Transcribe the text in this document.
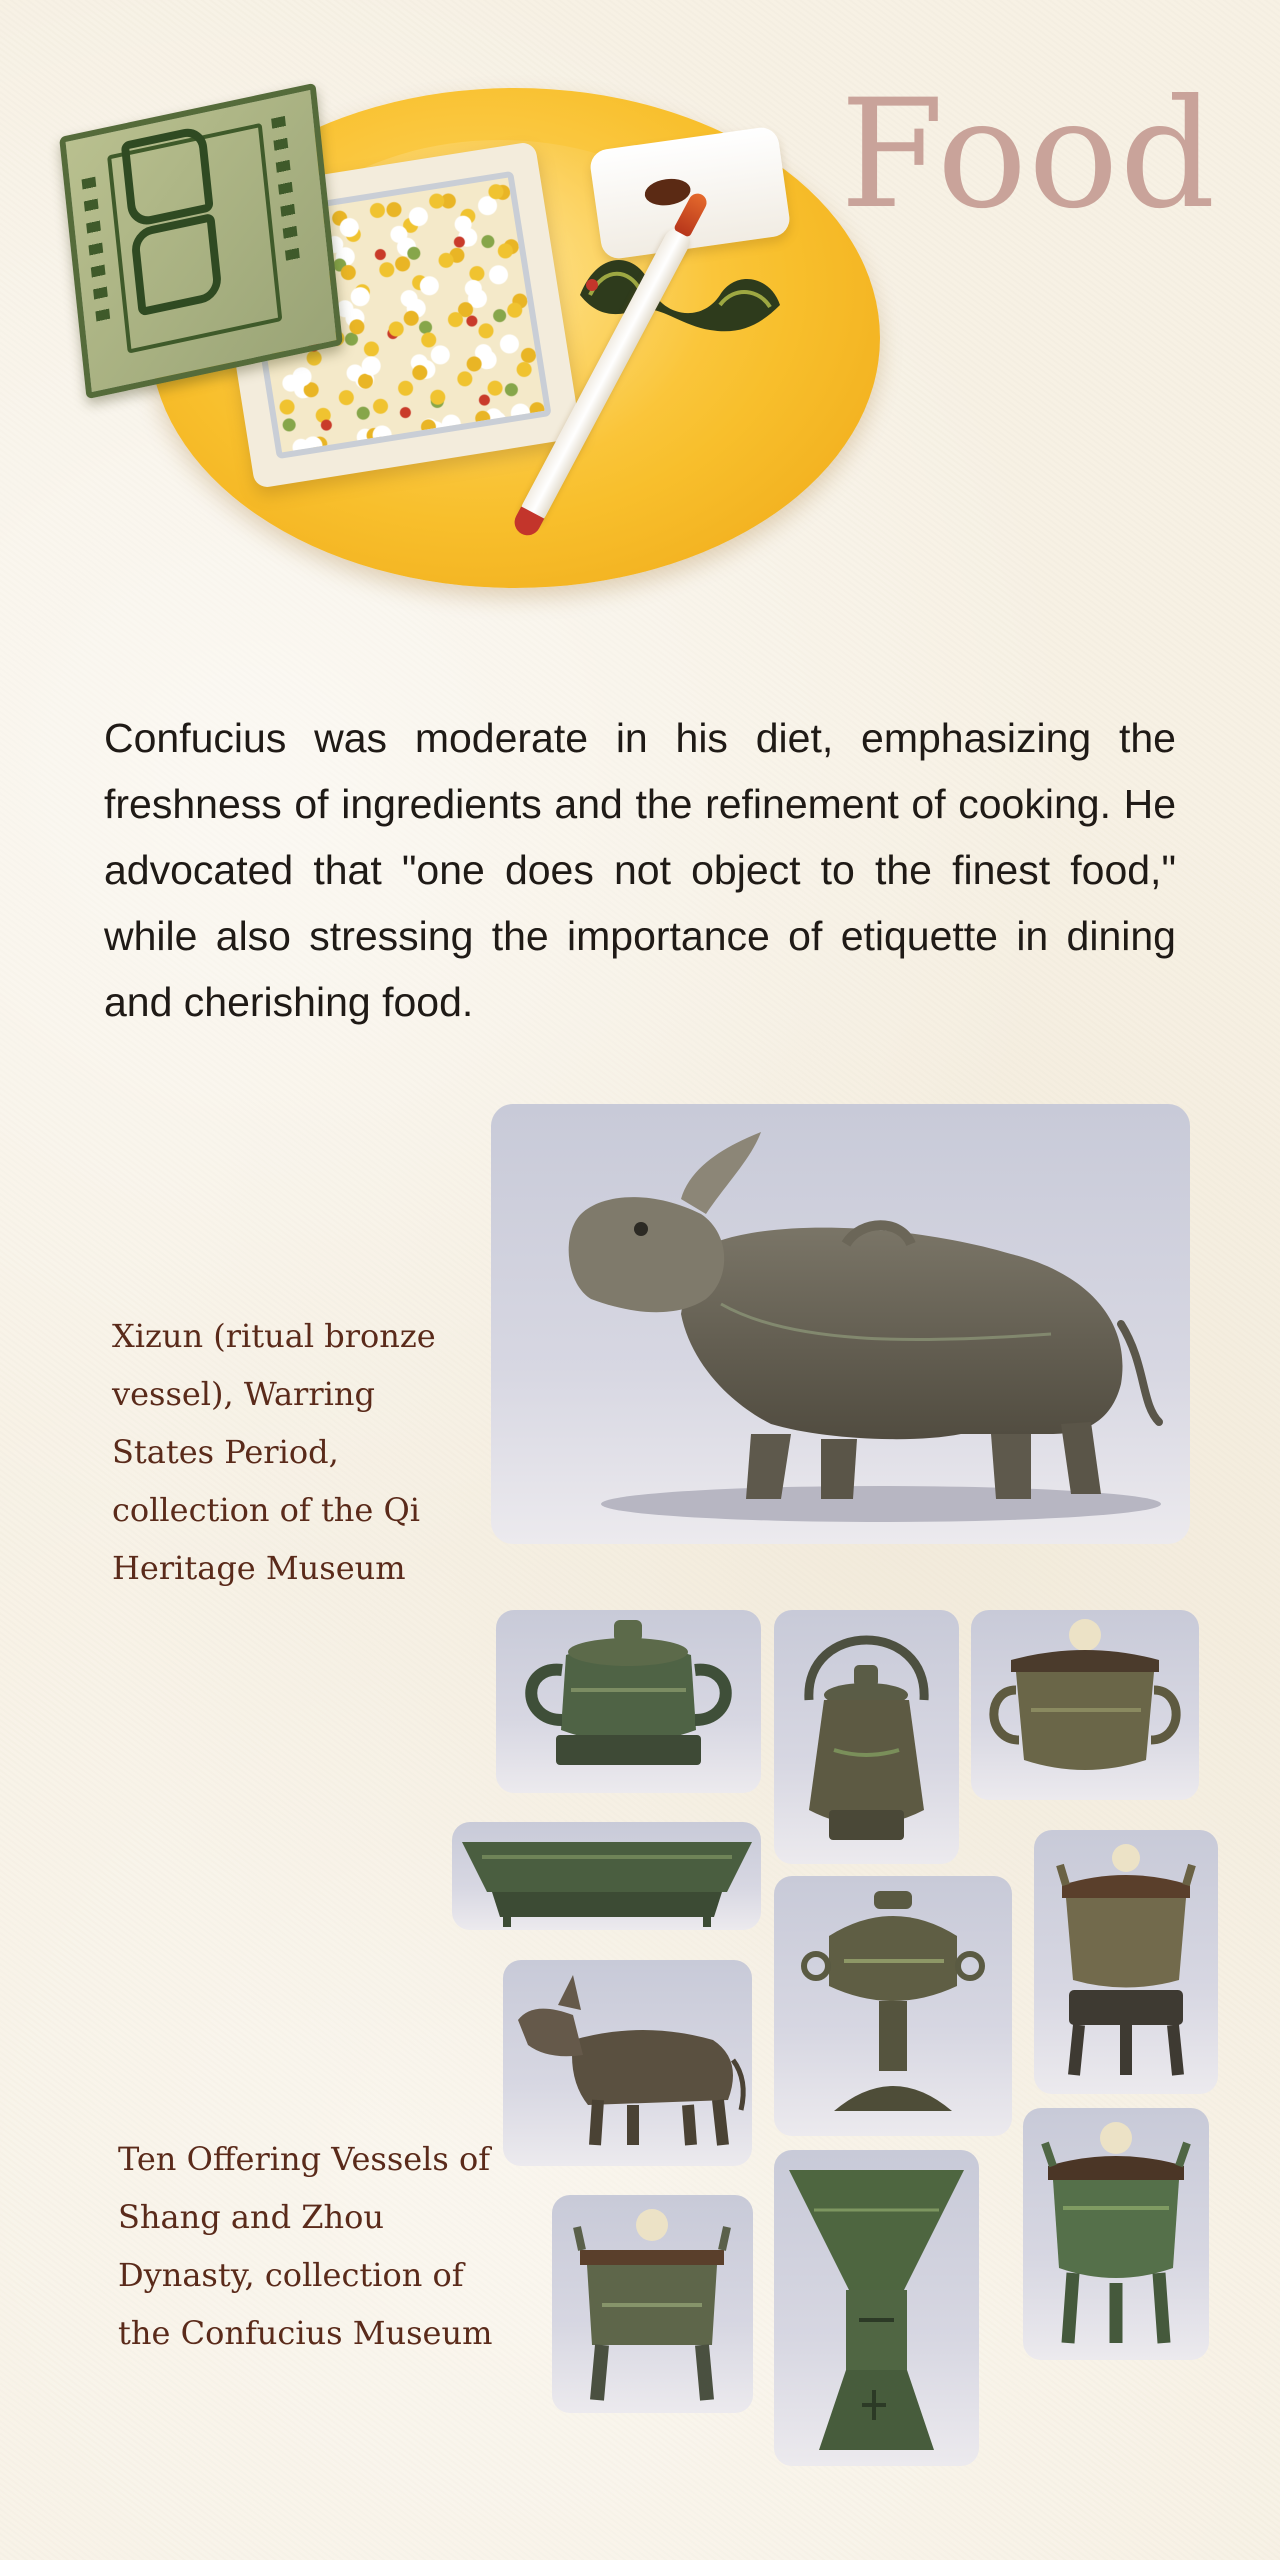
Food

Confucius was moderate in his diet, emphasizing the freshness of ingredients and the refinement of cooking. He advocated that "one does not object to the finest food," while also stressing the importance of etiquette in dining and cherishing food.

Xizun (ritual bronze vessel), Warring States Period, collection of the Qi Heritage Museum

Ten Offering Vessels of Shang and Zhou Dynasty, collection of the Confucius Museum
